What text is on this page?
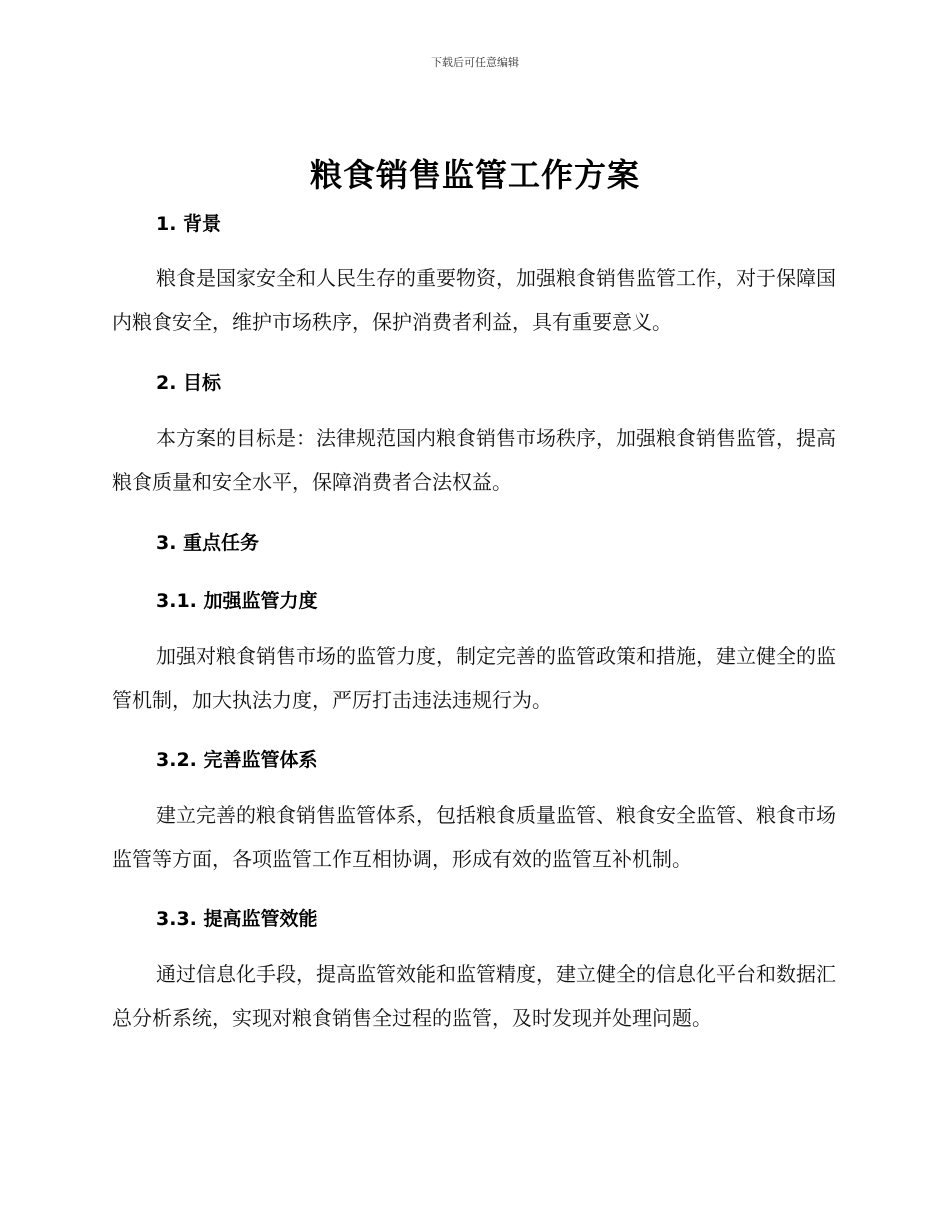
下载后可任意编辑
粮食销售监管工作方案
1. 背景
粮食是国家安全和人民生存的重要物资，加强粮食销售监管工作，对于保障国内粮食安全，维护市场秩序，保护消费者利益，具有重要意义。
2. 目标
本方案的目标是：法律规范国内粮食销售市场秩序，加强粮食销售监管，提高粮食质量和安全水平，保障消费者合法权益。
3. 重点任务
3.1. 加强监管力度
加强对粮食销售市场的监管力度，制定完善的监管政策和措施，建立健全的监管机制，加大执法力度，严厉打击违法违规行为。
3.2. 完善监管体系
建立完善的粮食销售监管体系，包括粮食质量监管、粮食安全监管、粮食市场监管等方面，各项监管工作互相协调，形成有效的监管互补机制。
3.3. 提高监管效能
通过信息化手段，提高监管效能和监管精度，建立健全的信息化平台和数据汇总分析系统，实现对粮食销售全过程的监管，及时发现并处理问题。
